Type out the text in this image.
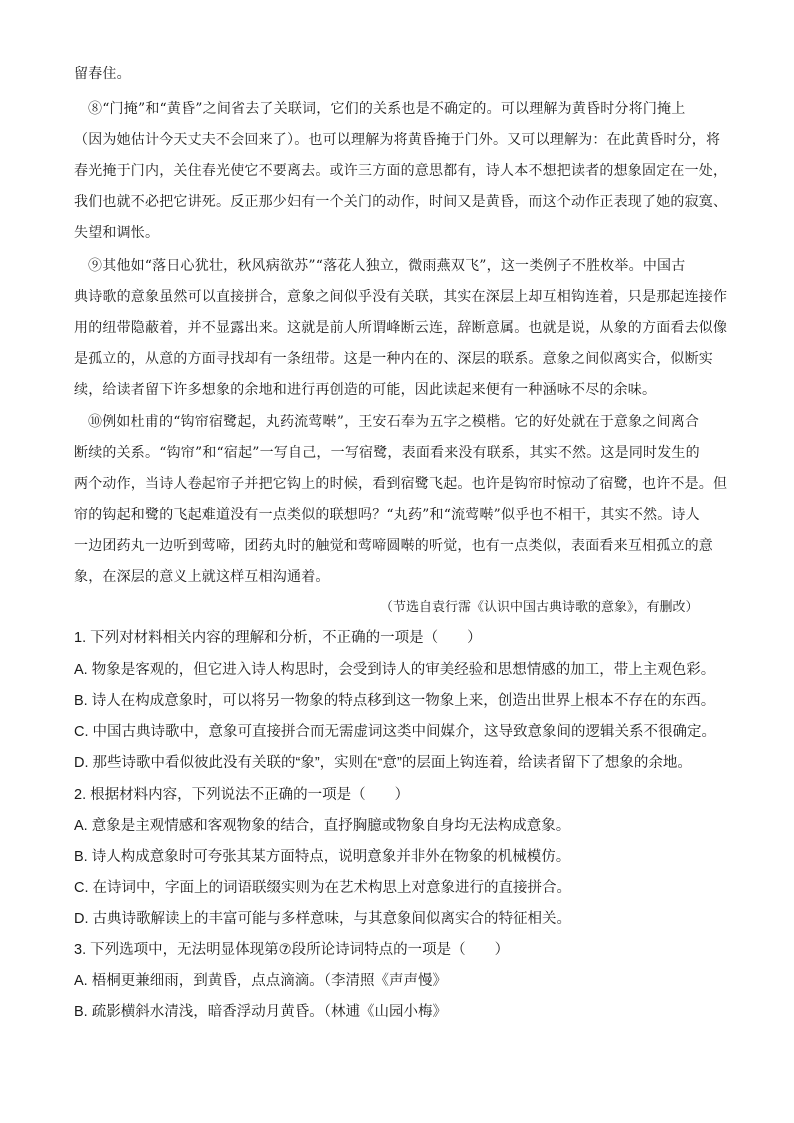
留春住。
⑧“门掩”和“黄昏”之间省去了关联词，它们的关系也是不确定的。可以理解为黄昏时分将门掩上
（因为她估计今天丈夫不会回来了）。也可以理解为将黄昏掩于门外。又可以理解为：在此黄昏时分，将
春光掩于门内，关住春光使它不要离去。或许三方面的意思都有，诗人本不想把读者的想象固定在一处，
我们也就不必把它讲死。反正那少妇有一个关门的动作，时间又是黄昏，而这个动作正表现了她的寂寞、
失望和调怅。
⑨其他如“落日心犹壮，秋风病欲苏”“落花人独立，微雨燕双飞”，这一类例子不胜枚举。中国古
典诗歌的意象虽然可以直接拼合，意象之间似乎没有关联，其实在深层上却互相钩连着，只是那起连接作
用的纽带隐蔽着，并不显露出来。这就是前人所谓峰断云连，辞断意属。也就是说，从象的方面看去似像
是孤立的，从意的方面寻找却有一条纽带。这是一种内在的、深层的联系。意象之间似离实合，似断实
续，给读者留下许多想象的余地和进行再创造的可能，因此读起来便有一种涵咏不尽的余味。
⑩例如杜甫的“钩帘宿鹭起，丸药流莺啭”，王安石奉为五字之模楷。它的好处就在于意象之间离合
断续的关系。“钩帘”和“宿起”一写自己，一写宿鹭，表面看来没有联系，其实不然。这是同时发生的
两个动作，当诗人卷起帘子并把它钩上的时候，看到宿鹭飞起。也许是钩帘时惊动了宿鹭，也许不是。但
帘的钩起和鹭的飞起难道没有一点类似的联想吗？“丸药”和“流莺啭”似乎也不相干，其实不然。诗人
一边团药丸一边听到莺啼，团药丸时的触觉和莺啼圆啭的听觉，也有一点类似，表面看来互相孤立的意
象，在深层的意义上就这样互相沟通着。
（节选自袁行霈《认识中国古典诗歌的意象》，有删改）
1. 下列对材料相关内容的理解和分析，不正确的一项是（　　）
A. 物象是客观的，但它进入诗人构思时，会受到诗人的审美经验和思想情感的加工，带上主观色彩。
B. 诗人在构成意象时，可以将另一物象的特点移到这一物象上来，创造出世界上根本不存在的东西。
C. 中国古典诗歌中，意象可直接拼合而无需虚词这类中间媒介，这导致意象间的逻辑关系不很确定。
D. 那些诗歌中看似彼此没有关联的“象”，实则在“意”的层面上钩连着，给读者留下了想象的余地。
2. 根据材料内容，下列说法不正确的一项是（　　）
A. 意象是主观情感和客观物象的结合，直抒胸臆或物象自身均无法构成意象。
B. 诗人构成意象时可夸张其某方面特点，说明意象并非外在物象的机械模仿。
C. 在诗词中，字面上的词语联缀实则为在艺术构思上对意象进行的直接拼合。
D. 古典诗歌解读上的丰富可能与多样意味，与其意象间似离实合的特征相关。
3. 下列选项中，无法明显体现第⑦段所论诗词特点的一项是（　　）
A. 梧桐更兼细雨，到黄昏，点点滴滴。（李清照《声声慢》
B. 疏影横斜水清浅，暗香浮动月黄昏。（林逋《山园小梅》
